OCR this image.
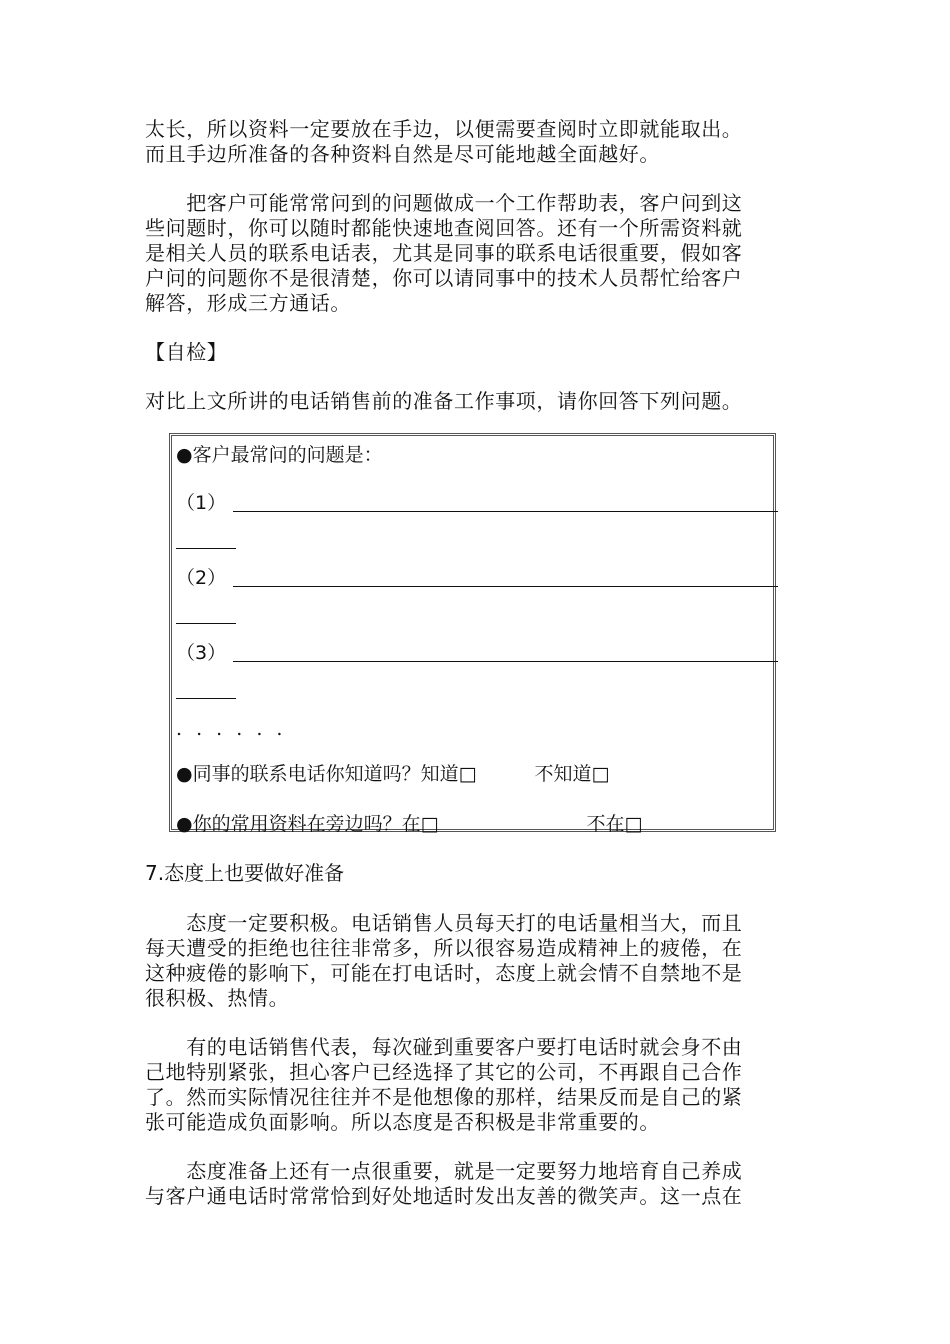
太长，所以资料一定要放在手边，以便需要查阅时立即就能取出。
而且手边所准备的各种资料自然是尽可能地越全面越好。
　　把客户可能常常问到的问题做成一个工作帮助表，客户问到这
些问题时，你可以随时都能快速地查阅回答。还有一个所需资料就
是相关人员的联系电话表，尤其是同事的联系电话很重要，假如客
户问的问题你不是很清楚，你可以请同事中的技术人员帮忙给客户
解答，形成三方通话。
【自检】
对比上文所讲的电话销售前的准备工作事项，请你回答下列问题。
●客户最常问的问题是：
（1）
（2）
（3）
. . . . . .
●同事的联系电话你知道吗？知道□	不知道□
●你的常用资料在旁边吗？在□	不在□
7.态度上也要做好准备
　　态度一定要积极。电话销售人员每天打的电话量相当大，而且
每天遭受的拒绝也往往非常多，所以很容易造成精神上的疲倦，在
这种疲倦的影响下，可能在打电话时，态度上就会情不自禁地不是
很积极、热情。
　　有的电话销售代表，每次碰到重要客户要打电话时就会身不由
己地特别紧张，担心客户已经选择了其它的公司，不再跟自己合作
了。然而实际情况往往并不是他想像的那样，结果反而是自己的紧
张可能造成负面影响。所以态度是否积极是非常重要的。
　　态度准备上还有一点很重要，就是一定要努力地培育自己养成
与客户通电话时常常恰到好处地适时发出友善的微笑声。这一点在
